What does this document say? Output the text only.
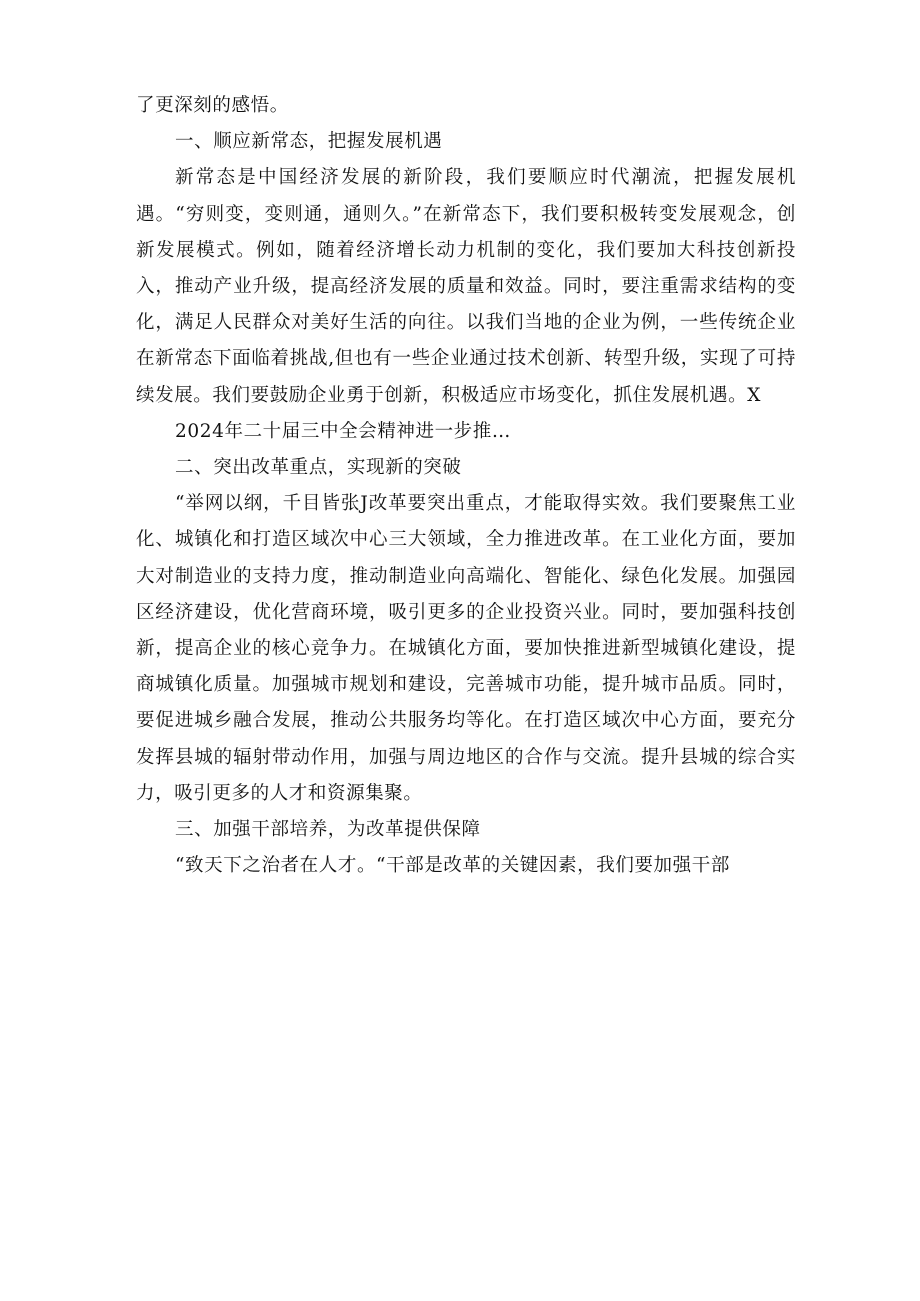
了更深刻的感悟。

一、顺应新常态，把握发展机遇

新常态是中国经济发展的新阶段，我们要顺应时代潮流，把握发展机遇。“穷则变，变则通，通则久。”在新常态下，我们要积极转变发展观念，创新发展模式。例如，随着经济增长动力机制的变化，我们要加大科技创新投入，推动产业升级，提高经济发展的质量和效益。同时，要注重需求结构的变化，满足人民群众对美好生活的向往。以我们当地的企业为例，一些传统企业在新常态下面临着挑战,但也有一些企业通过技术创新、转型升级，实现了可持续发展。我们要鼓励企业勇于创新，积极适应市场变化，抓住发展机遇。X

2024年二十届三中全会精神进一步推…

二、突出改革重点，实现新的突破

“举网以纲，千目皆张J改革要突出重点，才能取得实效。我们要聚焦工业化、城镇化和打造区域次中心三大领域，全力推进改革。在工业化方面，要加大对制造业的支持力度，推动制造业向高端化、智能化、绿色化发展。加强园区经济建设，优化营商环境，吸引更多的企业投资兴业。同时，要加强科技创新，提高企业的核心竞争力。在城镇化方面，要加快推进新型城镇化建设，提商城镇化质量。加强城市规划和建设，完善城市功能，提升城市品质。同时，要促进城乡融合发展，推动公共服务均等化。在打造区域次中心方面，要充分发挥县城的辐射带动作用，加强与周边地区的合作与交流。提升县城的综合实力，吸引更多的人才和资源集聚。

三、加强干部培养，为改革提供保障

“致天下之治者在人才。“干部是改革的关键因素，我们要加强干部
